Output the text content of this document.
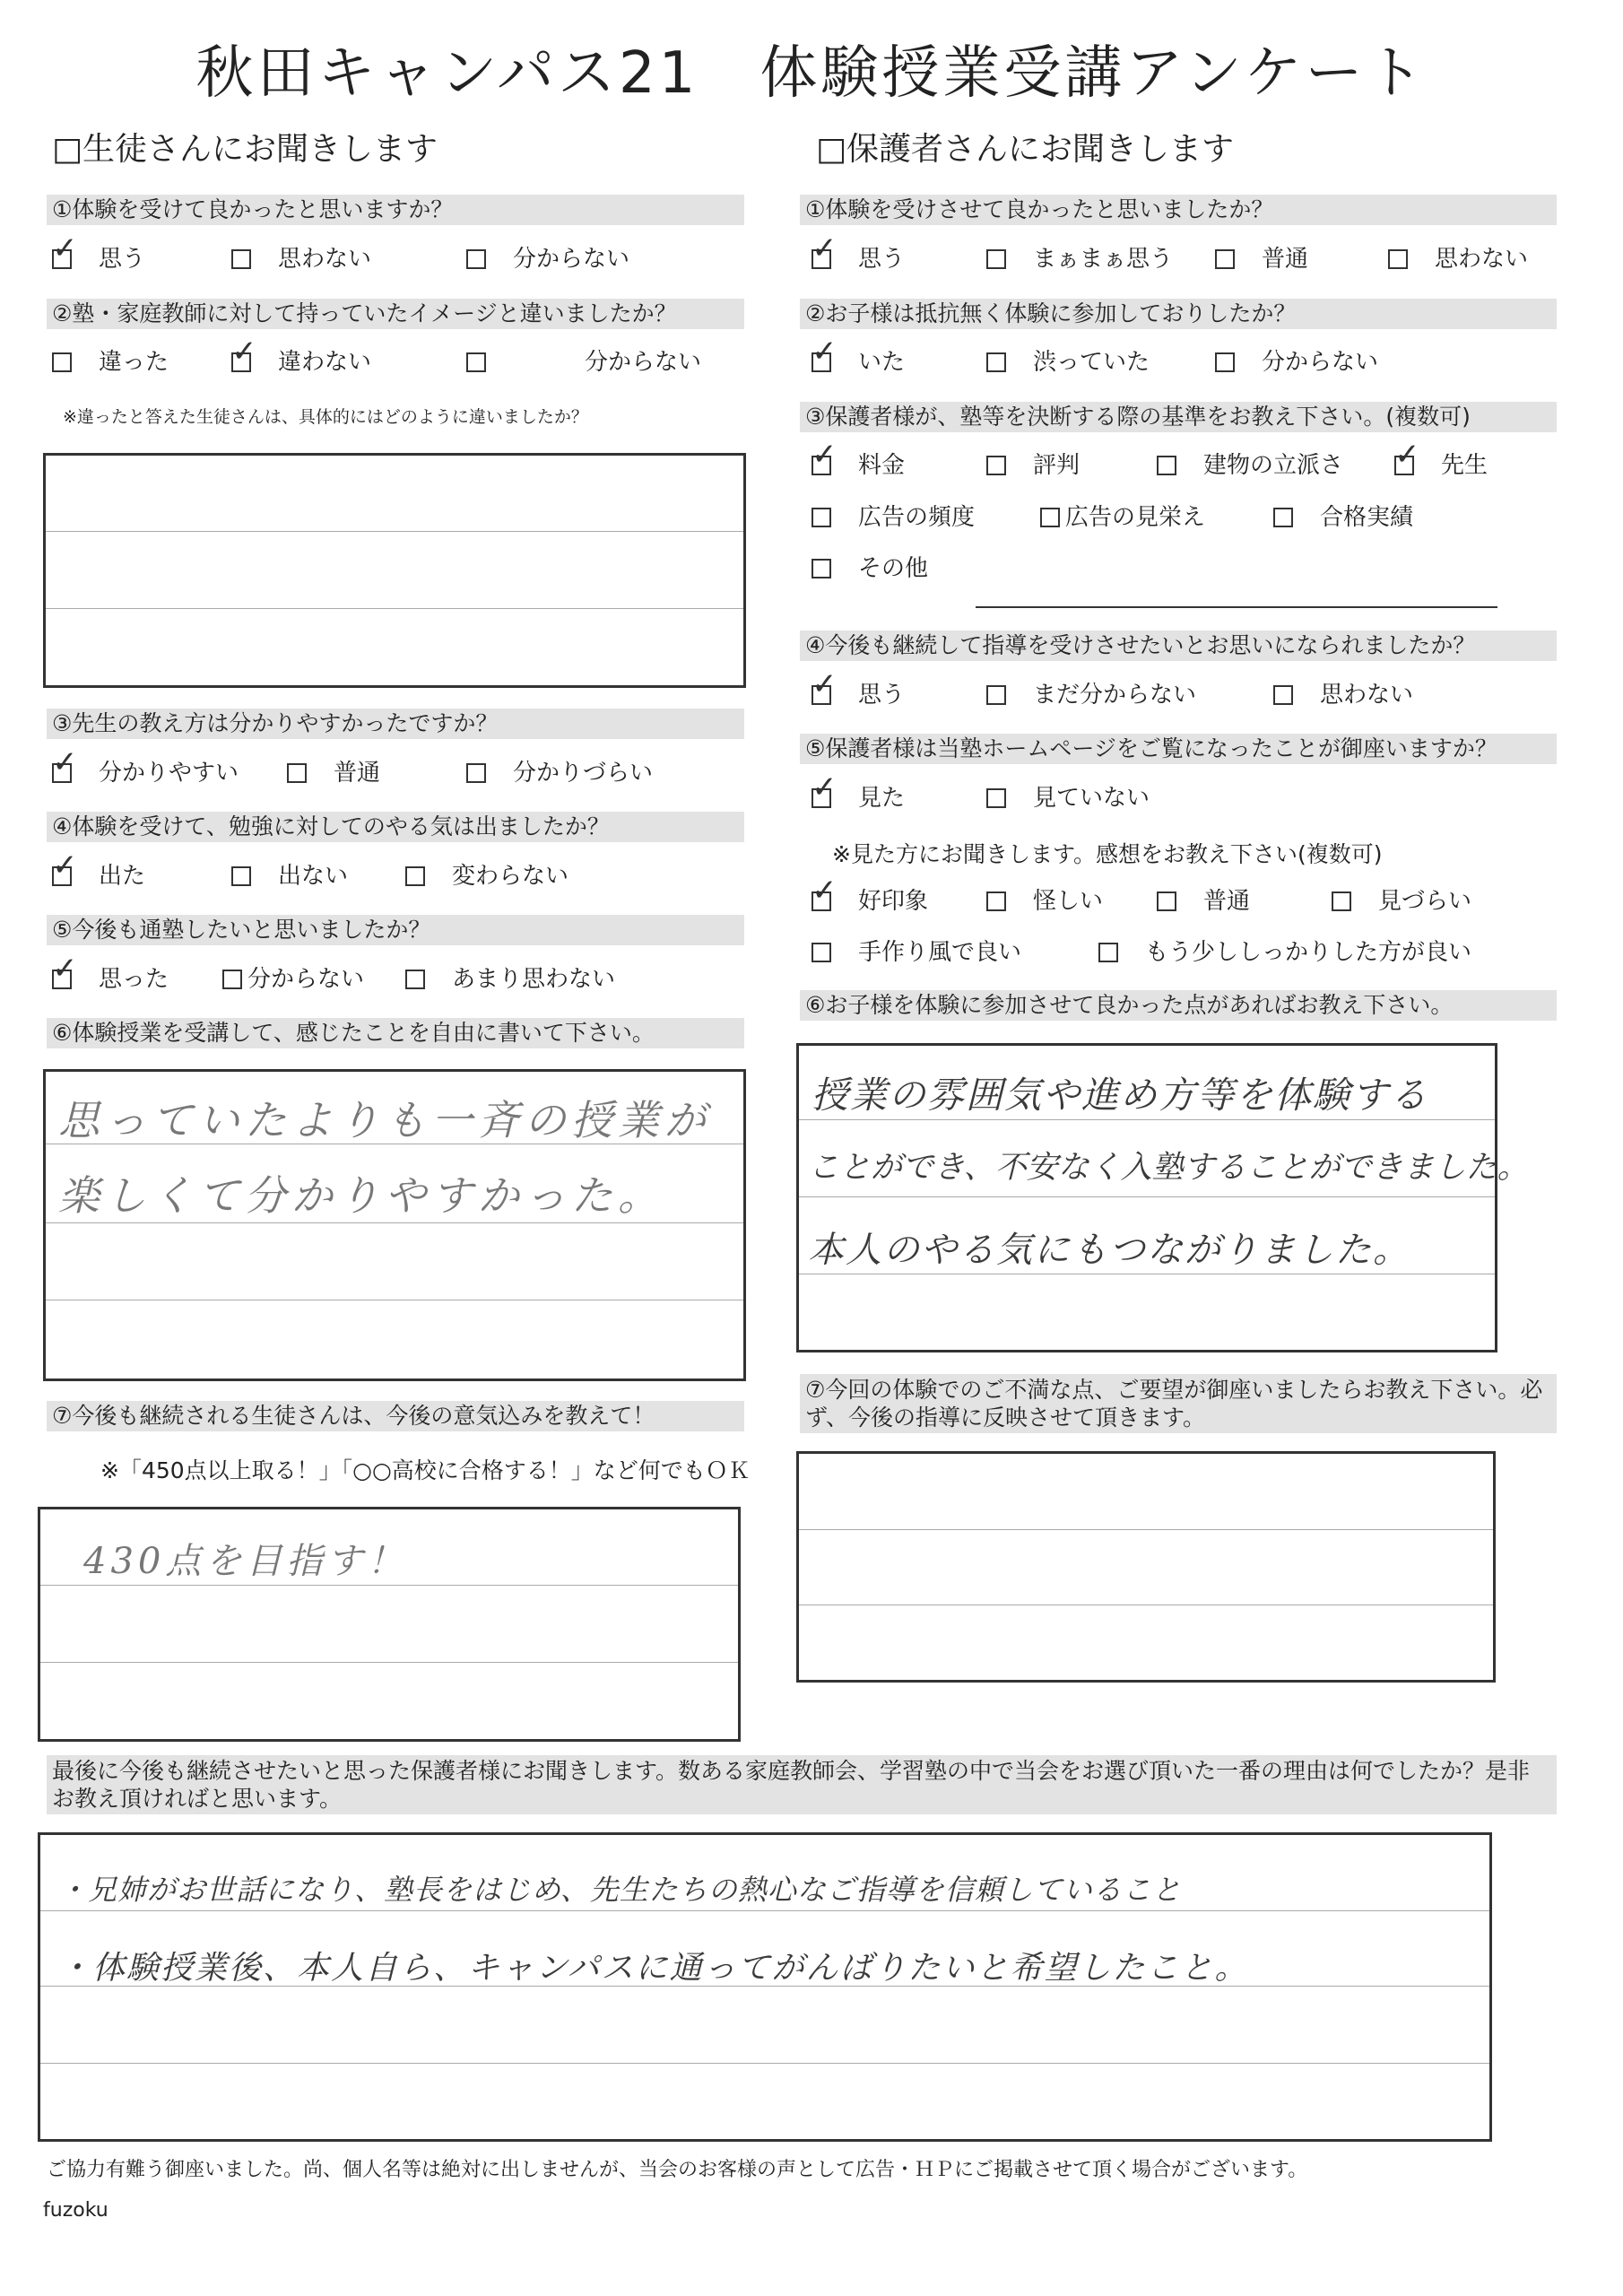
秋田キャンパス21　体験授業受講アンケート
□生徒さんにお聞きします
①体験を受けて良かったと思いますか？
✓ 思う	思わない	分からない
②塾・家庭教師に対して持っていたイメージと違いましたか？
違った ✓ 違わない	分からない
※違ったと答えた生徒さんは、具体的にはどのように違いましたか？
③先生の教え方は分かりやすかったですか？
✓ 分かりやすい	普通	分かりづらい
④体験を受けて、勉強に対してのやる気は出ましたか？
✓ 出た	出ない	変わらない
⑤今後も通塾したいと思いましたか？
✓ 思った	分からない	あまり思わない
⑥体験授業を受講して、感じたことを自由に書いて下さい。
思っていたよりも一斉の授業が
楽しくて分かりやすかった。
⑦今後も継続される生徒さんは、今後の意気込みを教えて！
※「450点以上取る！」「○○高校に合格する！」など何でもＯＫ
430点を目指す！
□保護者さんにお聞きします
①体験を受けさせて良かったと思いましたか？
✓ 思う	まぁまぁ思う	普通	思わない
②お子様は抵抗無く体験に参加しておりしたか？
✓ いた	渋っていた	分からない
③保護者様が、塾等を決断する際の基準をお教え下さい。(複数可)
✓ 料金	評判	建物の立派さ ✓ 先生
広告の頻度	広告の見栄え	合格実績
その他
④今後も継続して指導を受けさせたいとお思いになられましたか？
✓ 思う	まだ分からない	思わない
⑤保護者様は当塾ホームページをご覧になったことが御座いますか？
✓ 見た	見ていない
※見た方にお聞きします。感想をお教え下さい(複数可)
✓ 好印象	怪しい	普通	見づらい
手作り風で良い	もう少ししっかりした方が良い
⑥お子様を体験に参加させて良かった点があればお教え下さい。
授業の雰囲気や進め方等を体験する
ことができ、不安なく入塾することができました。
本人のやる気にもつながりました。
⑦今回の体験でのご不満な点、ご要望が御座いましたらお教え下さい。必ず、今後の指導に反映させて頂きます。
最後に今後も継続させたいと思った保護者様にお聞きします。数ある家庭教師会、学習塾の中で当会をお選び頂いた一番の理由は何でしたか？是非お教え頂ければと思います。
・兄姉がお世話になり、塾長をはじめ、先生たちの熱心なご指導を信頼していること
・体験授業後、本人自ら、キャンパスに通ってがんばりたいと希望したこと。
ご協力有難う御座いました。尚、個人名等は絶対に出しませんが、当会のお客様の声として広告・ＨＰにご掲載させて頂く場合がございます。
fuzoku
